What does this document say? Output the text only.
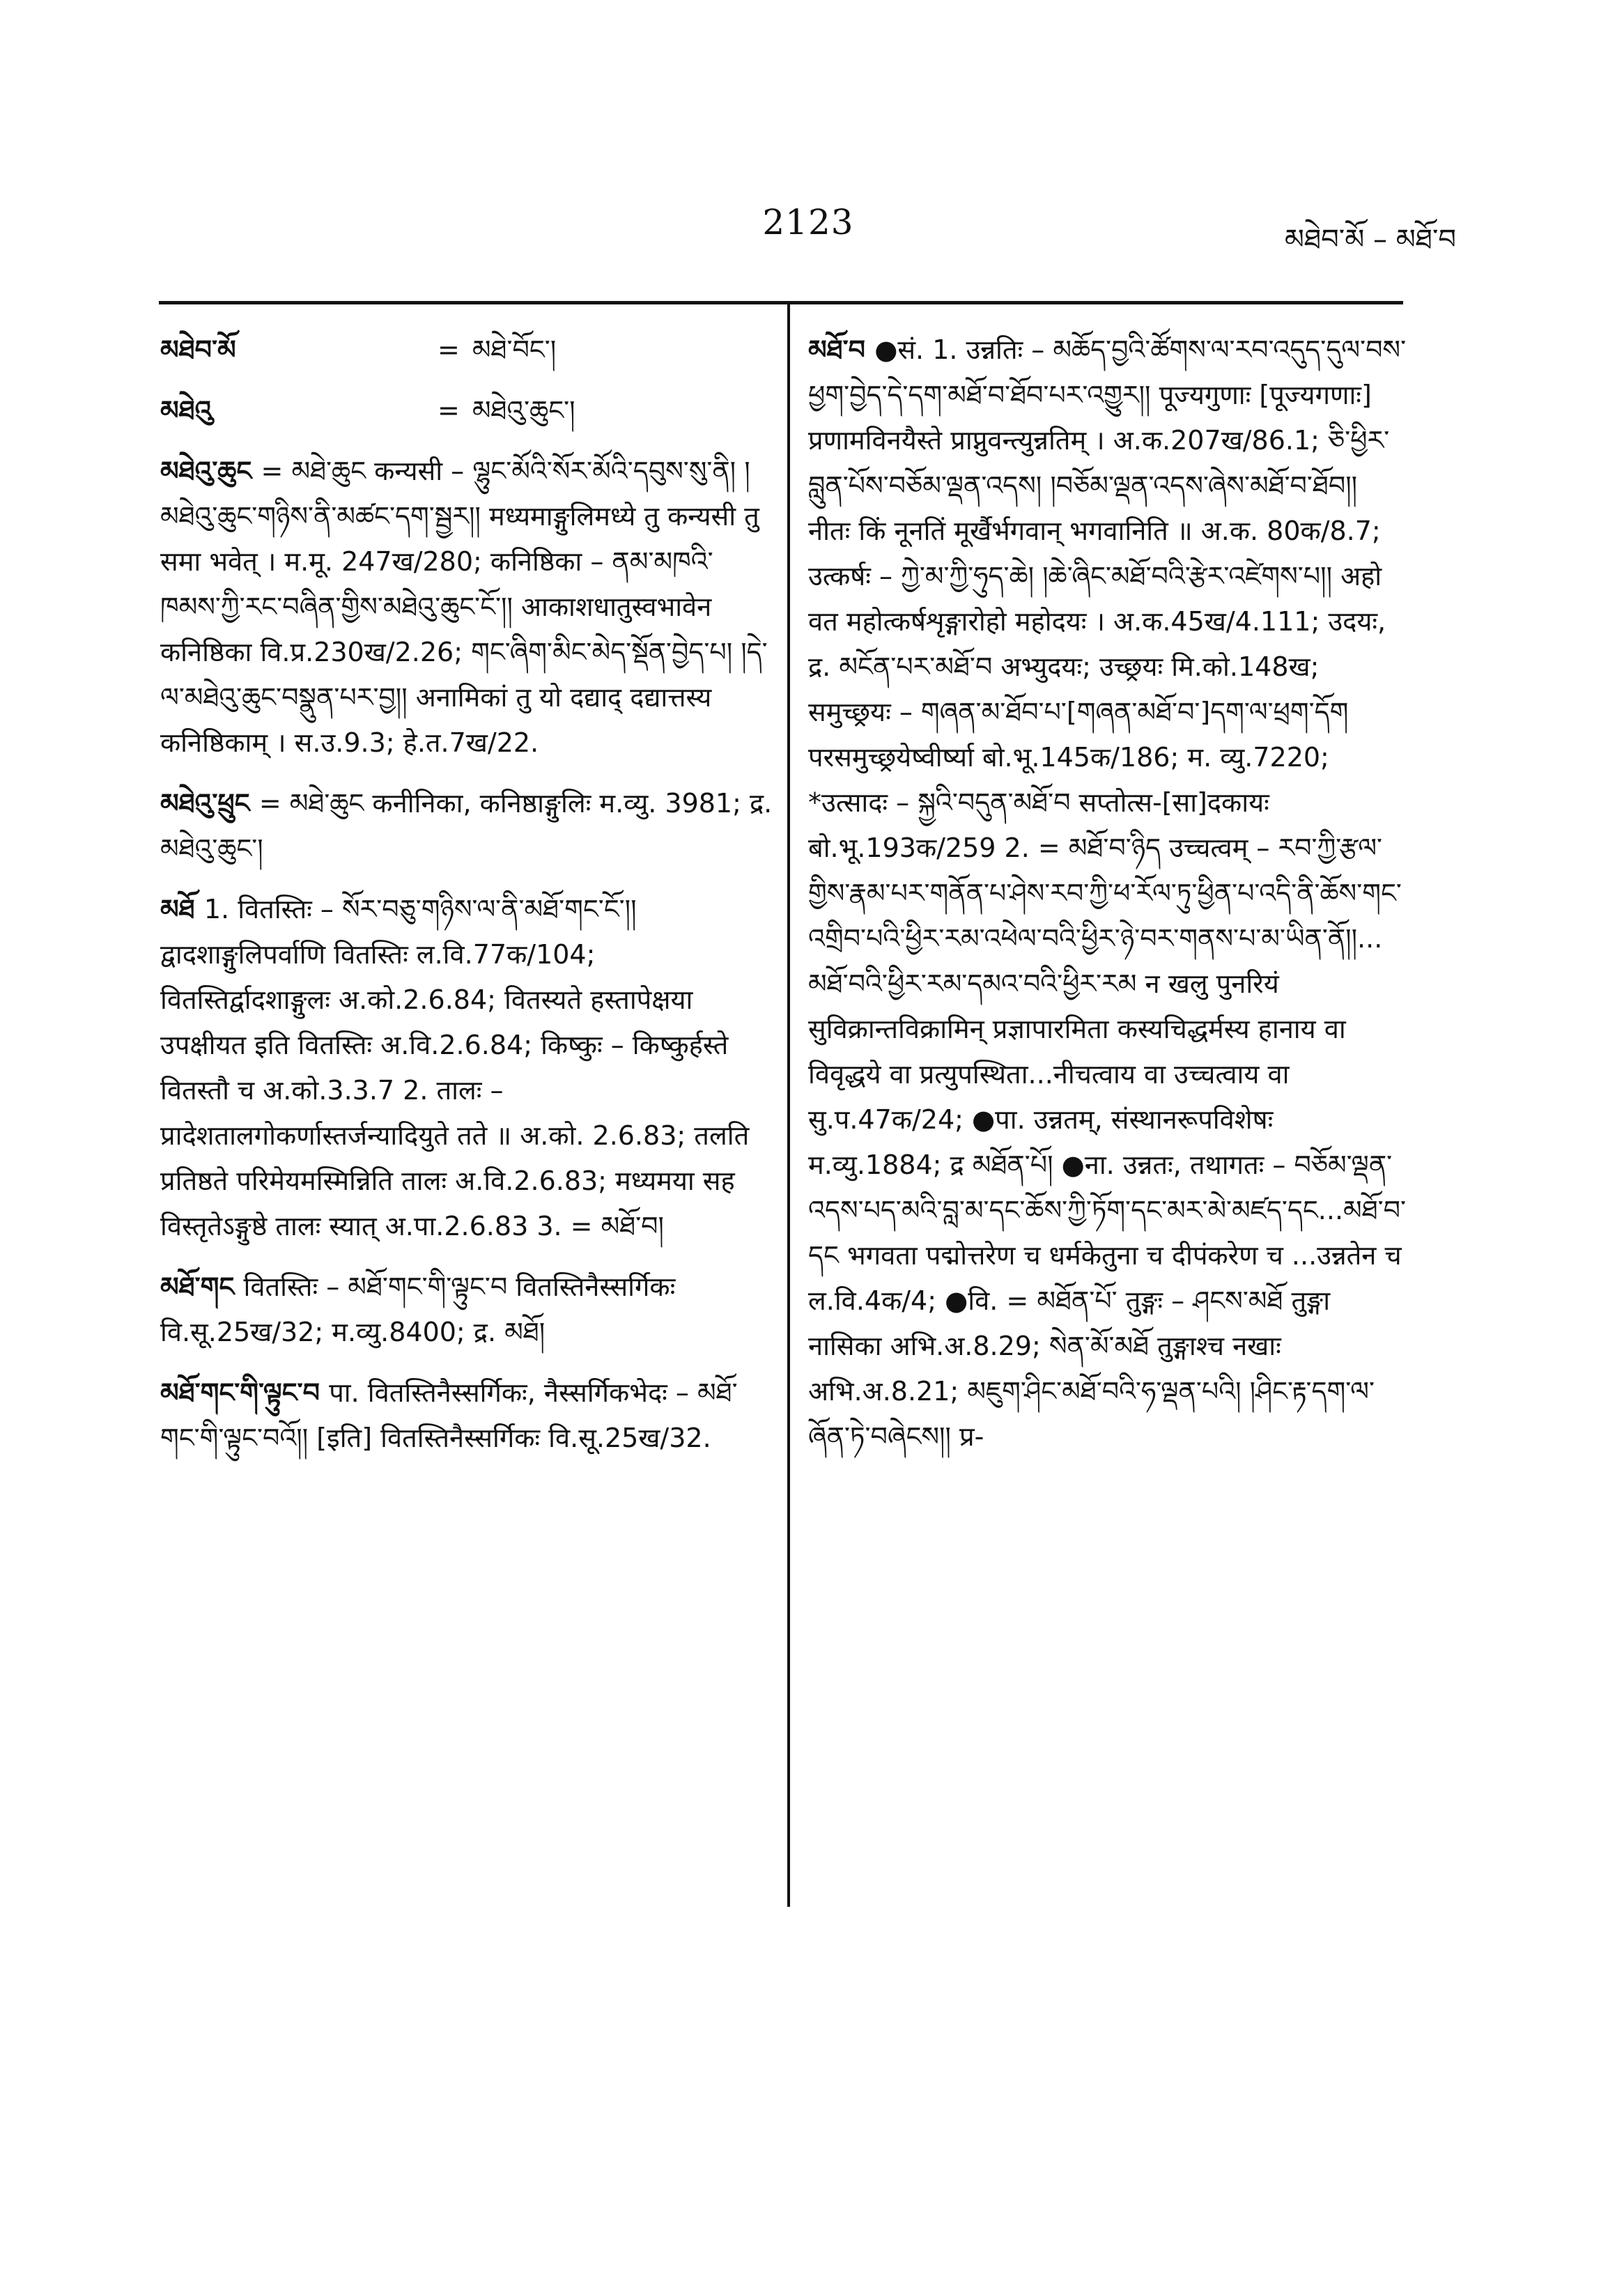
2123	མཐེབ་མོ – མཐོ་བ
མཐེབ་མོ	= མཐེ་བོང་།
མཐེའུ	= མཐེའུ་ཆུང་།

མཐེའུ་ཆུང = མཐེ་ཆུང कन्यसी – ལྷུང་མོའི་སོར་མོའི་དབུས་སུ་ནི། །མཐེའུ་ཆུང་གཉིས་ནི་མཚང་དག་སྦྱར།། मध्यमाङ्गुलिमध्ये तु कन्यसी तु समा भवेत् । म.मू. 247ख/280; कनिष्ठिका – ནམ་མཁའི་ཁམས་ཀྱི་རང་བཞིན་གྱིས་མཐེའུ་ཆུང་ངོ་།། आकाशधातुस्वभावेन कनिष्ठिका वि.प्र.230ख/2.26; གང་ཞིག་མིང་མེད་སྡོན་བྱེད་པ། །དེ་ལ་མཐེའུ་ཆུང་བསྣུན་པར་བྱ།། अनामिकां तु यो दद्याद् दद्यात्तस्य कनिष्ठिकाम् । स.उ.9.3; हे.त.7ख/22.

མཐེའུ་ཕྲུང = མཐེ་ཆུང कनीनिका, कनिष्ठाङ्गुलिः म.व्यु. 3981; द्र. མཐེའུ་ཆུང་།

མཐོ 1. वितस्तिः – སོར་བཅུ་གཉིས་ལ་ནི་མཐོ་གང་ངོ་།། द्वादशाङ्गुलिपर्वाणि वितस्तिः ल.वि.77क/104; वितस्तिर्द्वादशाङ्गुलः अ.को.2.6.84; वितस्यते हस्तापेक्षया उपक्षीयत इति वितस्तिः अ.वि.2.6.84; किष्कुः – किष्कुर्हस्ते वितस्तौ च अ.को.3.3.7 2. तालः – प्रादेशतालगोकर्णास्तर्जन्यादियुते तते ॥ अ.को. 2.6.83; तलति प्रतिष्ठते परिमेयमस्मिन्निति तालः अ.वि.2.6.83; मध्यमया सह विस्तृतेऽङ्गुष्ठे तालः स्यात् अ.पा.2.6.83 3. = མཐོ་བ།

མཐོ་གང वितस्तिः – མཐོ་གང་གི་ལྟུང་བ वितस्तिनैस्सर्गिकः वि.सू.25ख/32; म.व्यु.8400; द्र. མཐོ།

མཐོ་གང་གི་ལྟུང་བ पा. वितस्तिनैस्सर्गिकः, नैस्सर्गिकभेदः – མཐོ་གང་གི་ལྟུང་བའོ།། [इति] वितस्तिनैस्सर्गिकः वि.सू.25ख/32.

མཐོ་བ ●सं. 1. उन्नतिः – མཆོད་བྱའི་ཚོགས་ལ་རབ་འདུད་དུལ་བས་ཕྱག་བྱེད་དེ་དག་མཐོ་བ་ཐོབ་པར་འགྱུར།། पूज्यगुणाः [पूज्यगणाः] प्रणामविनयैस्ते प्राप्नुवन्त्युन्नतिम् । अ.क.207ख/86.1; ཅི་ཕྱིར་བླུན་པོས་བཅོམ་ལྡན་འདས། །བཅོམ་ལྡན་འདས་ཞེས་མཐོ་བ་ཐོབ།། नीतः किं नूनतिं मूर्खैर्भगवान् भगवानिति ॥ अ.क. 80क/8.7; उत्कर्षः – ཀྱེ་མ་ཀྱི་ཧུད་ཆེ། །ཆེ་ཞིང་མཐོ་བའི་རྩེར་འཛེགས་པ།། अहो वत महोत्कर्षशृङ्गारोहो महोदयः । अ.क.45ख/4.111; उदयः, द्र. མངོན་པར་མཐོ་བ अभ्युदयः; उच्छ्रयः मि.को.148ख; समुच्छ्रयः – གཞན་མ་ཐོབ་པ་[གཞན་མཐོ་བ་]དག་ལ་ཕྲག་དོག परसमुच्छ्रयेष्वीर्ष्या बो.भू.145क/186; म. व्यु.7220; *उत्सादः – སྐྱའི་བདུན་མཐོ་བ सप्तोत्स-[सा]दकायः बो.भू.193क/259 2. = མཐོ་བ་ཉིད उच्चत्वम् – རབ་ཀྱི་རྩལ་གྱིས་རྣམ་པར་གནོན་པ་ཤེས་རབ་ཀྱི་ཕ་རོལ་ཏུ་ཕྱིན་པ་འདི་ནི་ཆོས་གང་འགྲིབ་པའི་ཕྱིར་རམ་འཕེལ་བའི་ཕྱིར་ཉེ་བར་གནས་པ་མ་ཡིན་ནོ།།... མཐོ་བའི་ཕྱིར་རམ་དམའ་བའི་ཕྱིར་རམ न खलु पुनरियं सुविक्रान्तविक्रामिन् प्रज्ञापारमिता कस्यचिद्धर्मस्य हानाय वा विवृद्धये वा प्रत्युपस्थिता...नीचत्वाय वा उच्चत्वाय वा सु.प.47क/24; ●पा. उन्नतम्, संस्थानरूपविशेषः म.व्यु.1884; द्र མཐོན་པོ། ●ना. उन्नतः, तथागतः – བཅོམ་ལྡན་འདས་པད་མའི་བླ་མ་དང་ཆོས་ཀྱི་ཏོག་དང་མར་མེ་མཛད་དང...མཐོ་བ་དང भगवता पद्मोत्तरेण च धर्मकेतुना च दीपंकरेण च ...उन्नतेन च ल.वि.4क/4; ●वि. = མཐོན་པོ་ तुङ्गः – ཤངས་མཐོ तुङ्गा नासिका अभि.अ.8.29; སེན་མོ་མཐོ तुङ्गाश्च नखाः अभि.अ.8.21; མཇུག་ཤིང་མཐོ་བའི་ཧ་ལྡན་པའི། །ཤིང་རྟ་དག་ལ་ཞོན་ཏེ་བཞེངས།། प्र-
